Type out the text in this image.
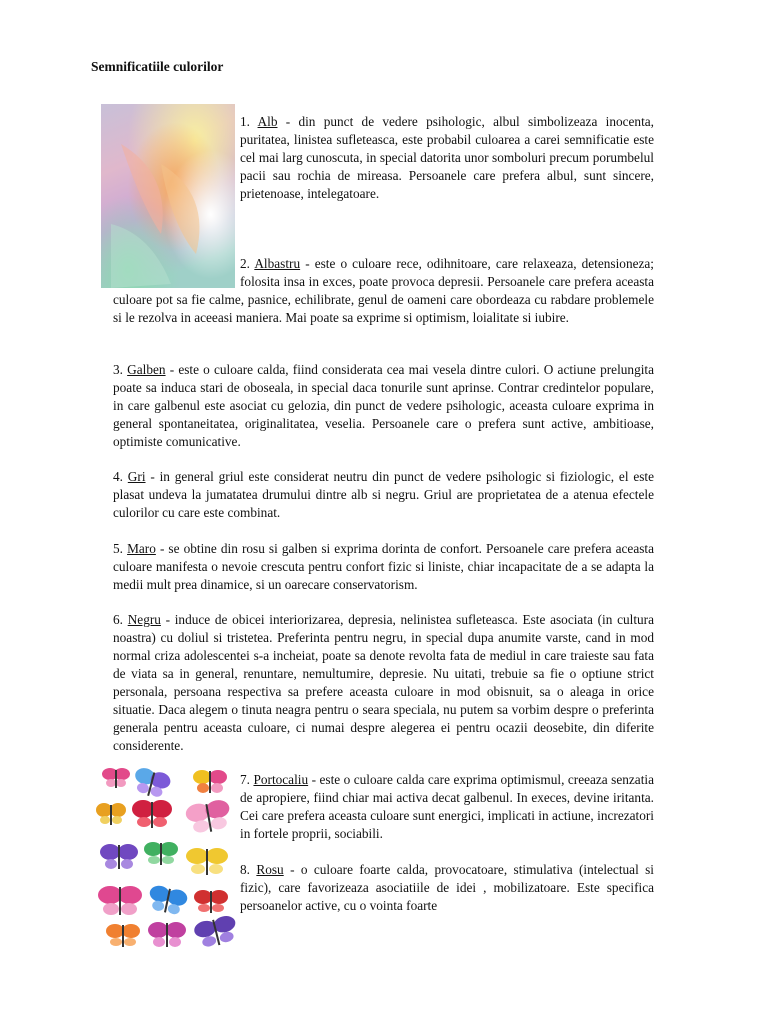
Semnificatiile culorilor

1. Alb - din punct de vedere psihologic, albul simbolizeaza inocenta, puritatea, linistea sufleteasca, este probabil culoarea a carei semnificatie este cel mai larg cunoscuta, in special datorita unor somboluri precum porumbelul pacii sau rochia de mireasa. Persoanele care prefera albul, sunt sincere, prietenoase, intelegatoare.

2. Albastru - este o culoare rece, odihnitoare, care relaxeaza, detensioneza; folosita insa in exces, poate provoca depresii. Persoanele care prefera aceasta culoare pot sa fie calme, pasnice, echilibrate, genul de oameni care obordeaza cu rabdare problemele si le rezolva in aceeasi maniera. Mai poate sa exprime si optimism, loialitate si iubire.

3. Galben - este o culoare calda, fiind considerata cea mai vesela dintre culori. O actiune prelungita poate sa induca stari de oboseala, in special daca tonurile sunt aprinse. Contrar credintelor populare, in care galbenul este asociat cu gelozia, din punct de vedere psihologic, aceasta culoare exprima in general spontaneitatea, originalitatea, veselia. Persoanele care o prefera sunt active, ambitioase, optimiste comunicative.

4. Gri - in general griul este considerat neutru din punct de vedere psihologic si fiziologic, el este plasat undeva la jumatatea drumului dintre alb si negru. Griul are proprietatea de a atenua efectele culorilor cu care este combinat.

5. Maro - se obtine din rosu si galben si exprima dorinta de confort. Persoanele care prefera aceasta culoare manifesta o nevoie crescuta pentru confort fizic si liniste, chiar incapacitate de a se adapta la medii mult prea dinamice, si un oarecare conservatorism.

6. Negru - induce de obicei interiorizarea, depresia, nelinistea sufleteasca. Este asociata (in cultura noastra) cu doliul si tristetea. Preferinta pentru negru, in special dupa anumite varste, cand in mod normal criza adolescentei s-a incheiat, poate sa denote revolta fata de mediul in care traieste sau fata de viata sa in general, renuntare, nemultumire, depresie. Nu uitati, trebuie sa fie o optiune strict personala, persoana respectiva sa prefere aceasta culoare in mod obisnuit, sa o aleaga in orice situatie. Daca alegem o tinuta neagra pentru o seara speciala, nu putem sa vorbim despre o preferinta generala pentru aceasta culoare, ci numai despre alegerea ei pentru ocazii deosebite, din diferite considerente.

7. Portocaliu - este o culoare calda care exprima optimismul, creeaza senzatia de apropiere, fiind chiar mai activa decat galbenul. In execes, devine iritanta. Cei care prefera aceasta culoare sunt energici, implicati in actiune, increzatori in fortele proprii, sociabili.

8. Rosu - o culoare foarte calda, provocatoare, stimulativa (intelectual si fizic), care favorizeaza asociatiile de idei , mobilizatoare. Este specifica persoanelor active, cu o vointa foarte
